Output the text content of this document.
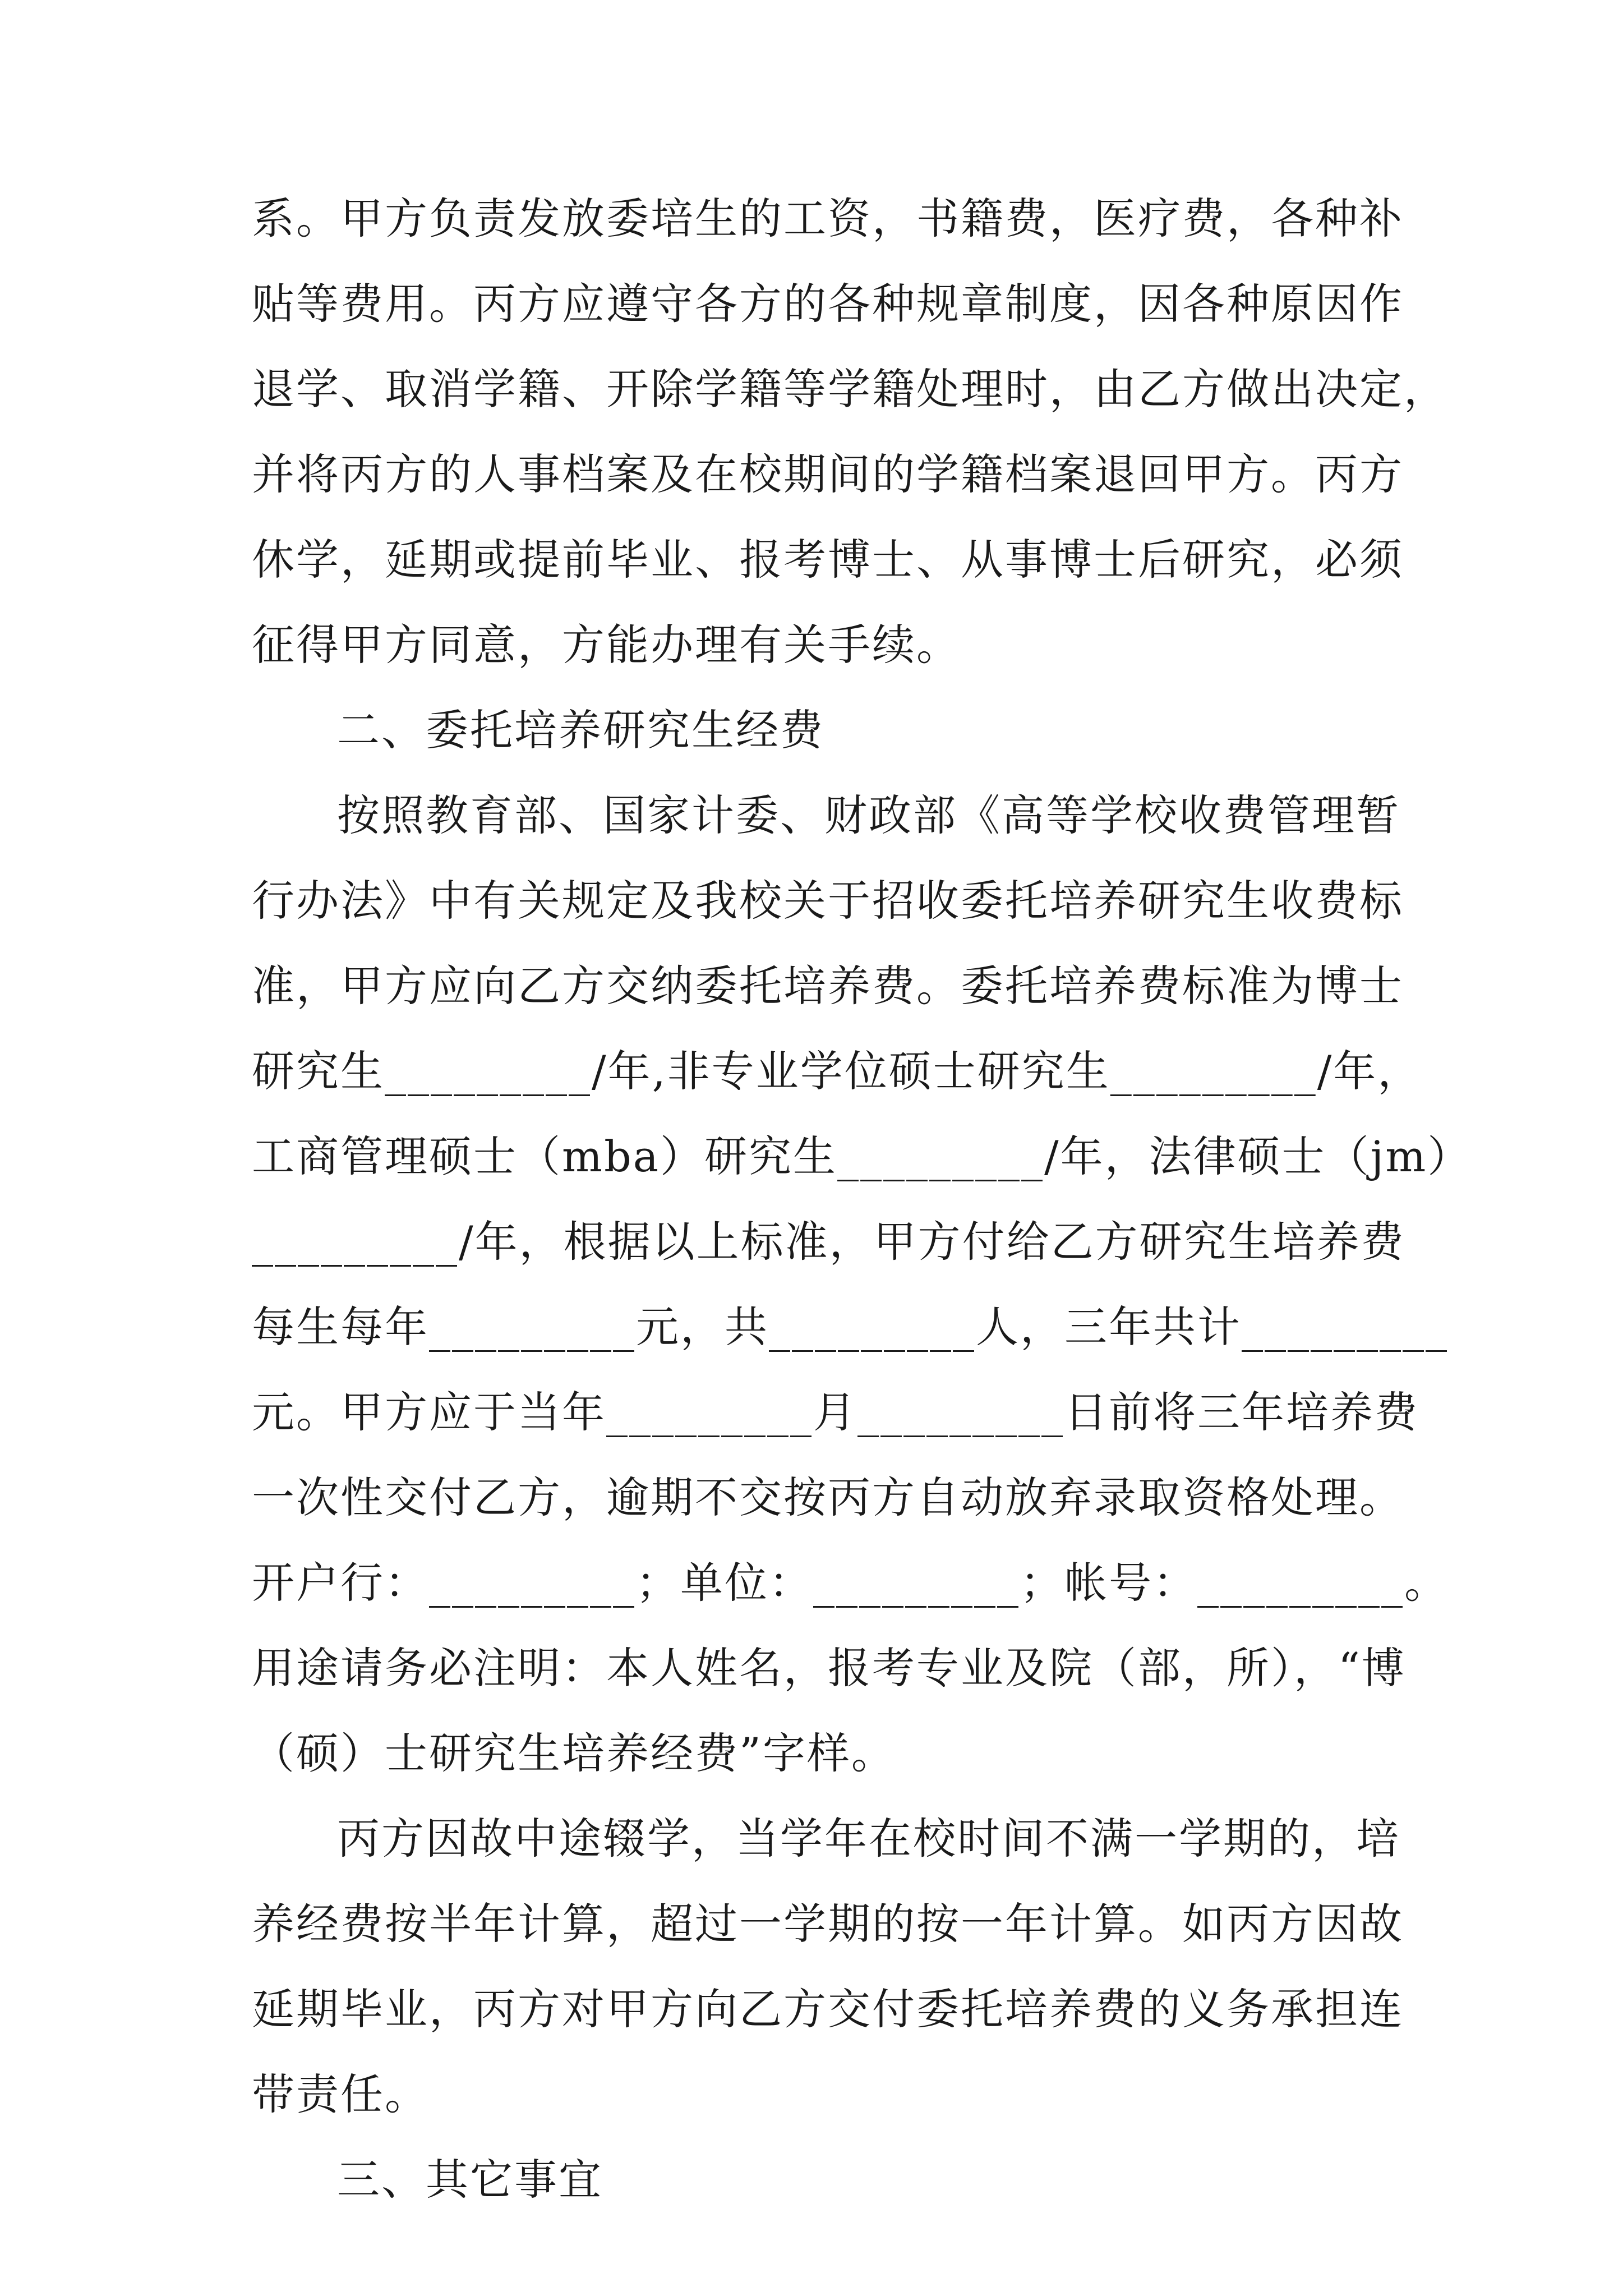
系。甲方负责发放委培生的工资，书籍费，医疗费，各种补
贴等费用。丙方应遵守各方的各种规章制度，因各种原因作
退学、取消学籍、开除学籍等学籍处理时，由乙方做出决定，
并将丙方的人事档案及在校期间的学籍档案退回甲方。丙方
休学，延期或提前毕业、报考博士、从事博士后研究，必须
征得甲方同意，方能办理有关手续。
二、委托培养研究生经费
按照教育部、国家计委、财政部《高等学校收费管理暂
行办法》中有关规定及我校关于招收委托培养研究生收费标
准，甲方应向乙方交纳委托培养费。委托培养费标准为博士
研究生_________/年,非专业学位硕士研究生_________/年，
工商管理硕士（mba）研究生_________/年，法律硕士（jm）
_________/年，根据以上标准，甲方付给乙方研究生培养费
每生每年_________元，共_________人，三年共计_________
元。甲方应于当年_________月_________日前将三年培养费
一次性交付乙方，逾期不交按丙方自动放弃录取资格处理。
开户行：_________；单位：_________；帐号：_________。
用途请务必注明：本人姓名，报考专业及院（部，所），“博
（硕）士研究生培养经费”字样。
丙方因故中途辍学，当学年在校时间不满一学期的，培
养经费按半年计算，超过一学期的按一年计算。如丙方因故
延期毕业，丙方对甲方向乙方交付委托培养费的义务承担连
带责任。
三、其它事宜
